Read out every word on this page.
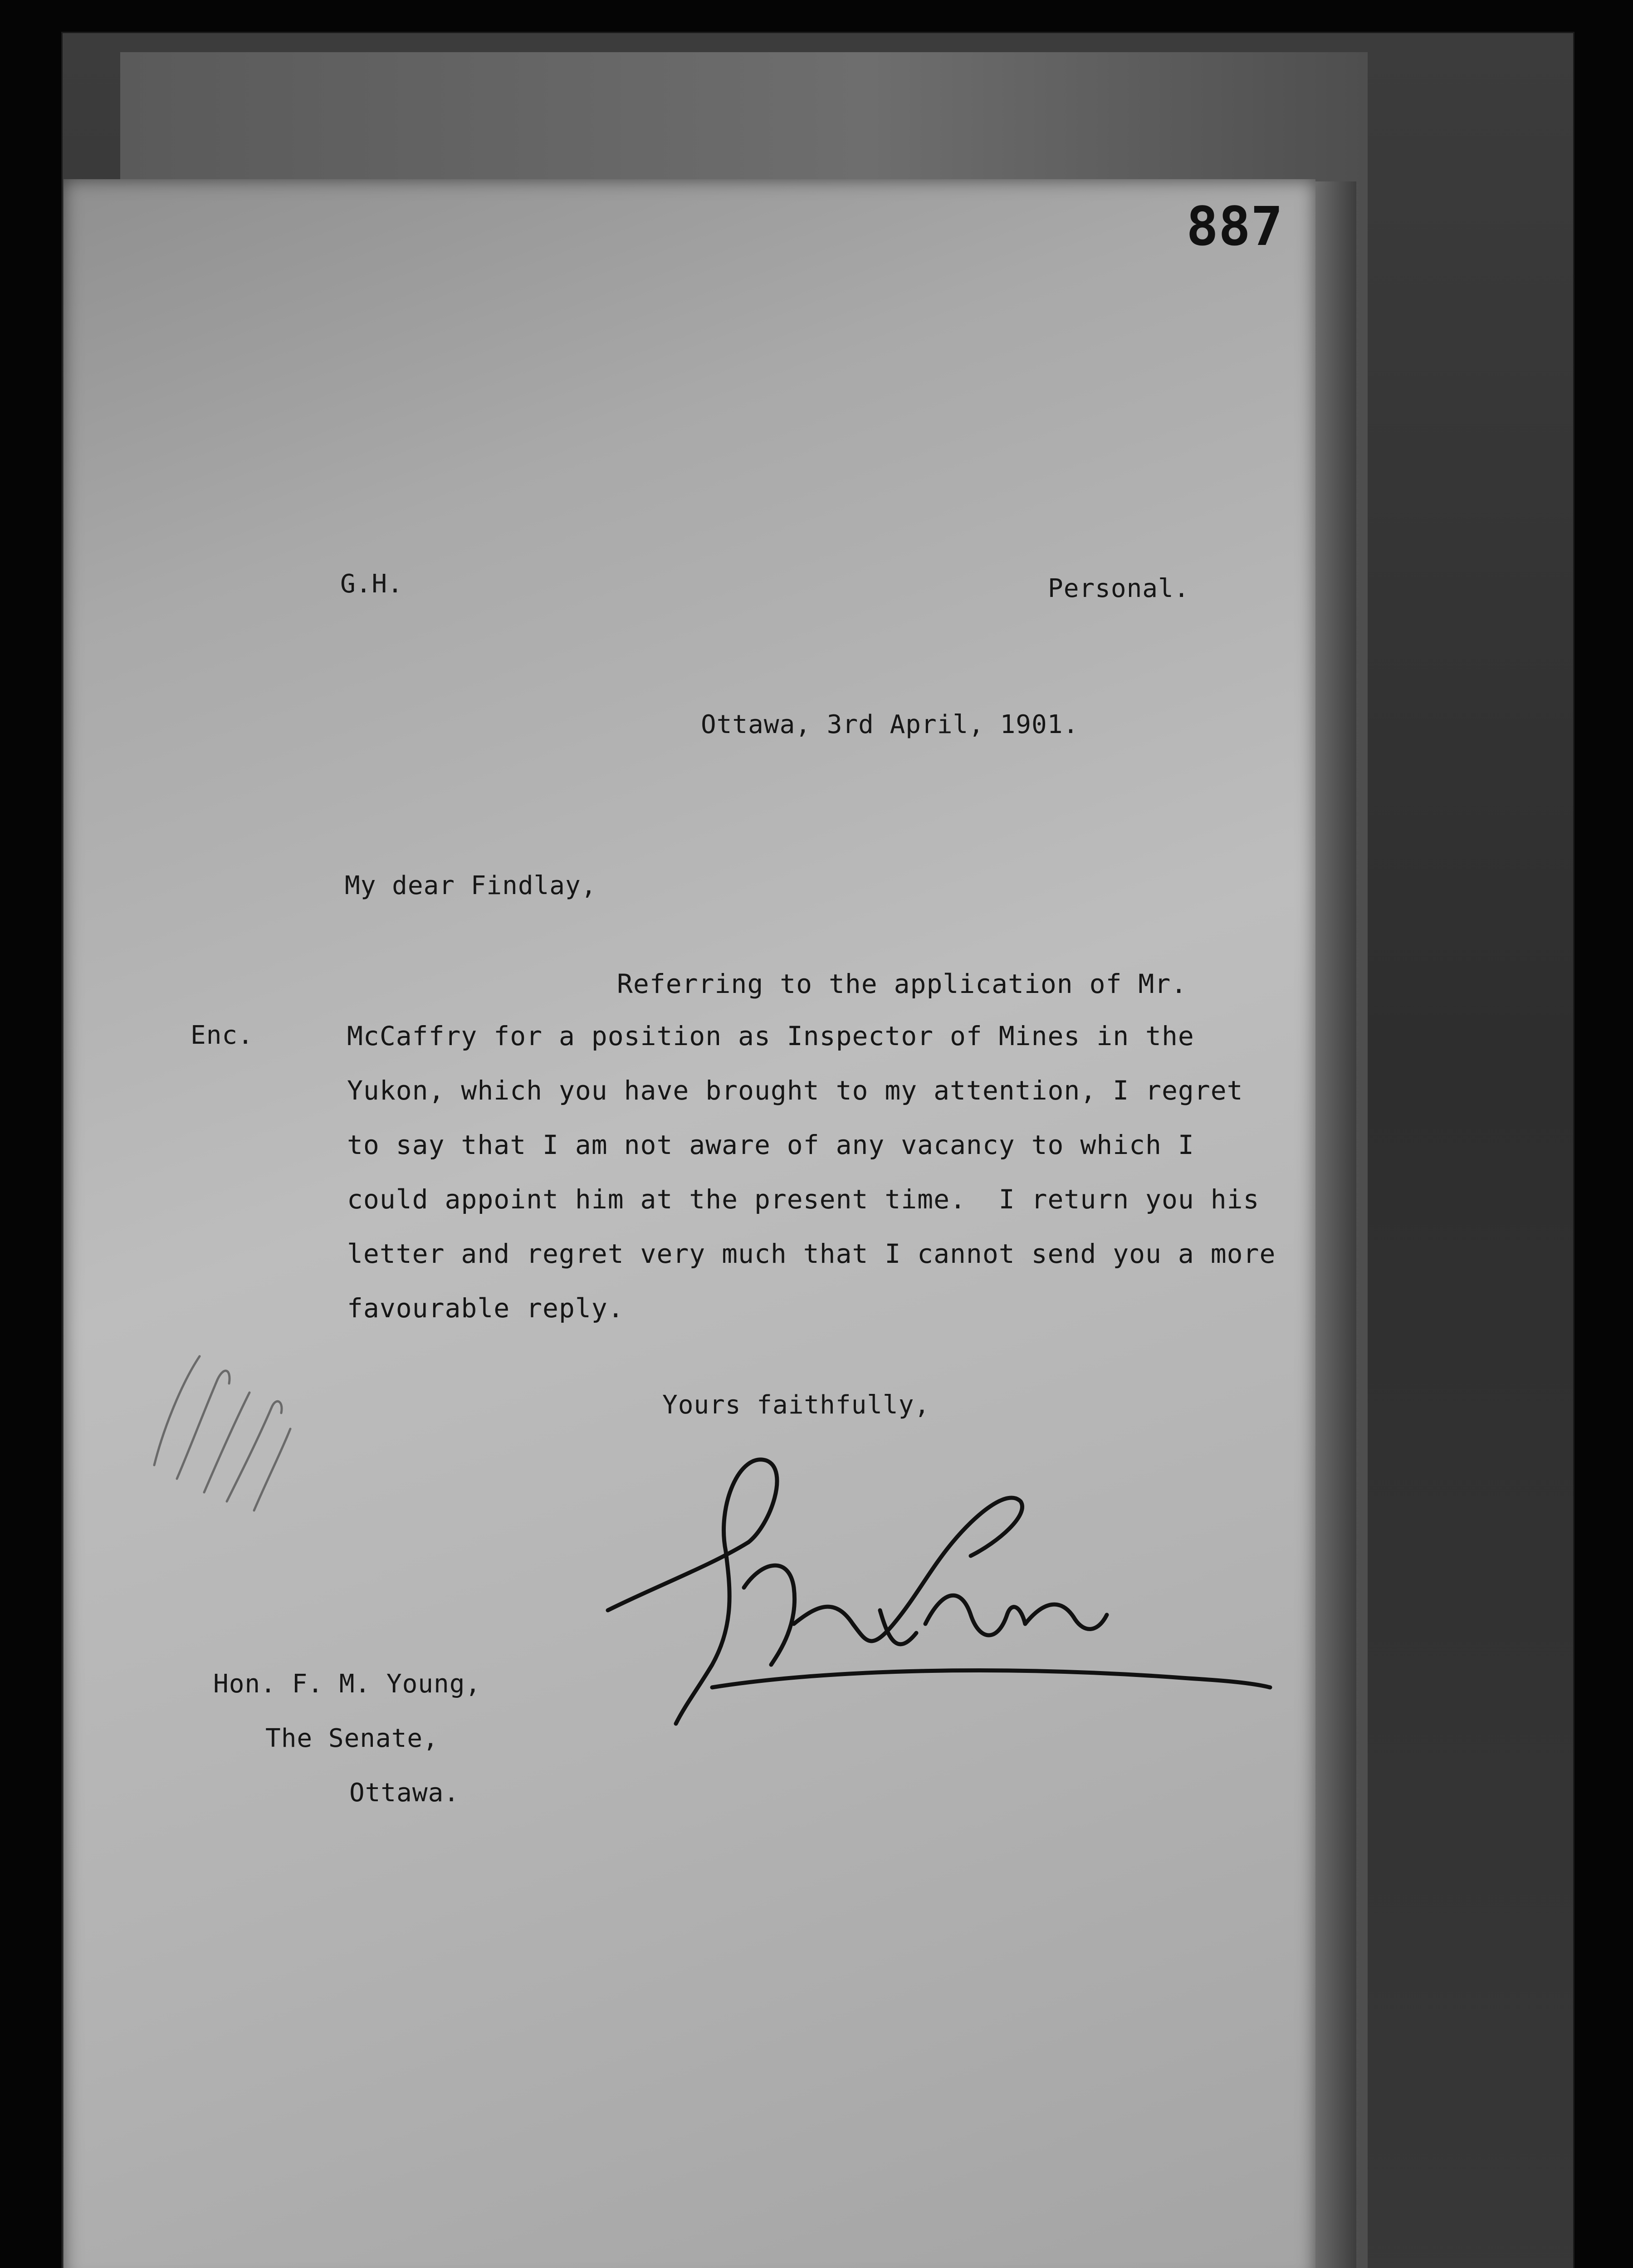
887
G.H.	Personal.
Ottawa, 3rd April, 1901.
My dear Findlay,
Enc.
Referring to the application of Mr.
McCaffry for a position as Inspector of Mines in the
Yukon, which you have brought to my attention, I regret
to say that I am not aware of any vacancy to which I
could appoint him at the present time.  I return you his
letter and regret very much that I cannot send you a more
favourable reply.
Yours faithfully,
Hon. F. M. Young,
The Senate,
Ottawa.
